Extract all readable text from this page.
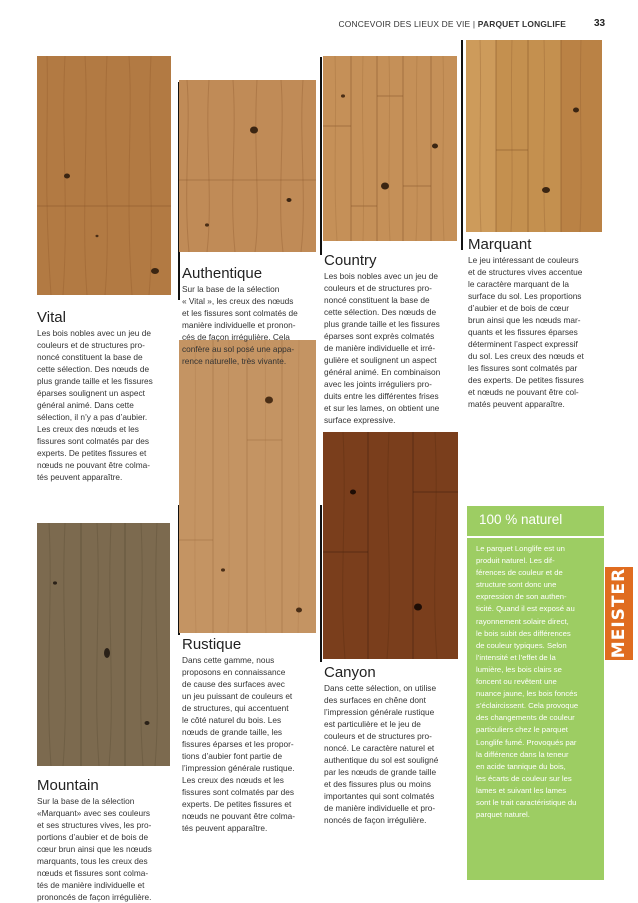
CONCEVOIR DES LIEUX DE VIE | PARQUET LONGLIFE	33
Vital
Authentique
Country
Marquant
Mountain
Rustique
Canyon
Les bois nobles avec un jeu de
couleurs et de structures pro-
noncé constituent la base de
cette sélection. Des nœuds de
plus grande taille et les fissures
éparses soulignent un aspect
général animé. Dans cette
sélection, il n’y a pas d’aubier.
Les creux des nœuds et les
fissures sont colmatés par des
experts. De petites fissures et
nœuds ne pouvant être colma-
tés peuvent apparaître.
Sur la base de la sélection
« Vital », les creux des nœuds
et les fissures sont colmatés de
manière individuelle et pronon-
cés de façon irrégulière. Cela
confère au sol posé une appa-
rence naturelle, très vivante.
Les bois nobles avec un jeu de
couleurs et de structures pro-
noncé constituent la base de
cette sélection. Des nœuds de
plus grande taille et les fissures
éparses sont exprès colmatés
de manière individuelle et irré-
gulière et soulignent un aspect
général animé. En combinaison
avec les joints irréguliers pro-
duits entre les différentes frises
et sur les lames, on obtient une
surface expressive.
Le jeu intéressant de couleurs
et de structures vives accentue
le caractère marquant de la
surface du sol. Les proportions
d’aubier et de bois de cœur
brun ainsi que les nœuds mar-
quants et les fissures éparses
déterminent l’aspect expressif
du sol. Les creux des nœuds et
les fissures sont colmatés par
des experts. De petites fissures
et nœuds ne pouvant être col-
matés peuvent apparaître.
Sur la base de la sélection
«Marquant» avec ses couleurs
et ses structures vives, les pro-
portions d’aubier et de bois de
cœur brun ainsi que les nœuds
marquants, tous les creux des
nœuds et fissures sont colma-
tés de manière individuelle et
prononcés de façon irrégulière.
Dans cette gamme, nous
proposons en connaissance
de cause des surfaces avec
un jeu puissant de couleurs et
de structures, qui accentuent
le côté naturel du bois. Les
nœuds de grande taille, les
fissures éparses et les propor-
tions d’aubier font partie de
l’impression générale rustique.
Les creux des nœuds et les
fissures sont colmatés par des
experts. De petites fissures et
nœuds ne pouvant être colma-
tés peuvent apparaître.
Dans cette sélection, on utilise
des surfaces en chêne dont
l’impression générale rustique
est particulière et le jeu de
couleurs et de structures pro-
noncé. Le caractère naturel et
authentique du sol est souligné
par les nœuds de grande taille
et des fissures plus ou moins
importantes qui sont colmatés
de manière individuelle et pro-
noncés de façon irrégulière.
100 % naturel
Le parquet Longlife est un
produit naturel. Les dif-
férences de couleur et de
structure sont donc une
expression de son authen-
ticité. Quand il est exposé au
rayonnement solaire direct,
le bois subit des différences
de couleur typiques. Selon
l’intensité et l’effet de la
lumière, les bois clairs se
foncent ou revêtent une
nuance jaune, les bois foncés
s’éclaircissent. Cela provoque
des changements de couleur
particuliers chez le parquet
Longlife fumé. Provoqués par
la différence dans la teneur
en acide tannique du bois,
les écarts de couleur sur les
lames et suivant les lames
sont le trait caractéristique du
parquet naturel.
MEISTER
